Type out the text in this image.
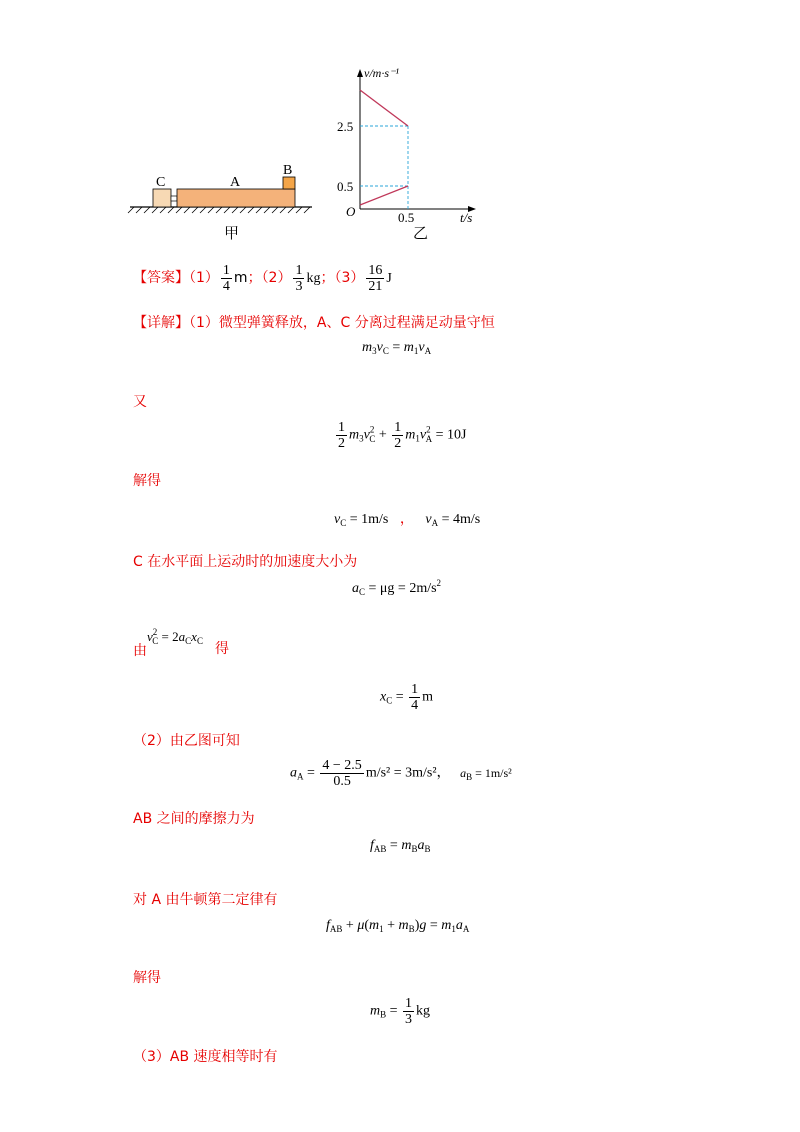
C	A
B
甲
v/m·s⁻¹
2.5
0.5
O	0.5	t/s
乙
【答案】$(1) \frac{1}{4}$ m；$(2) \frac{1}{3}$ kg；$(3) \frac{16}{21}$ J
【详解】（1）微型弹簧释放，A、C 分离过程满足动量守恒
$m_3v_C = m_1v_A$
又
$\frac{1}{2} m_3v^2_C + \frac{1}{2} m_1v^2_A = 10J$
解得
$v_C = 1m/s$ ， $v_A = 4m/s$
C 在水平面上运动时的加速度大小为
$a_C = \mu g = 2m/s^2$
由$v^2_C = 2a_Cx_C$ 得
$x_C = \frac{1}{4}$ m
（2）由乙图可知
$a_A = \frac{4 - 2.5}{0.5} m/s^2 = 3m/s^2$， $a_B = 1m/s^2$
AB 之间的摩擦力为
$f_{AB} = m_Ba_B$
对 A 由牛顿第二定律有
$f_{AB} + \mu(m_1 + m_B)g = m_1a_A$
解得
$m_B = \frac{1}{3}$ kg
（3）AB 速度相等时有
